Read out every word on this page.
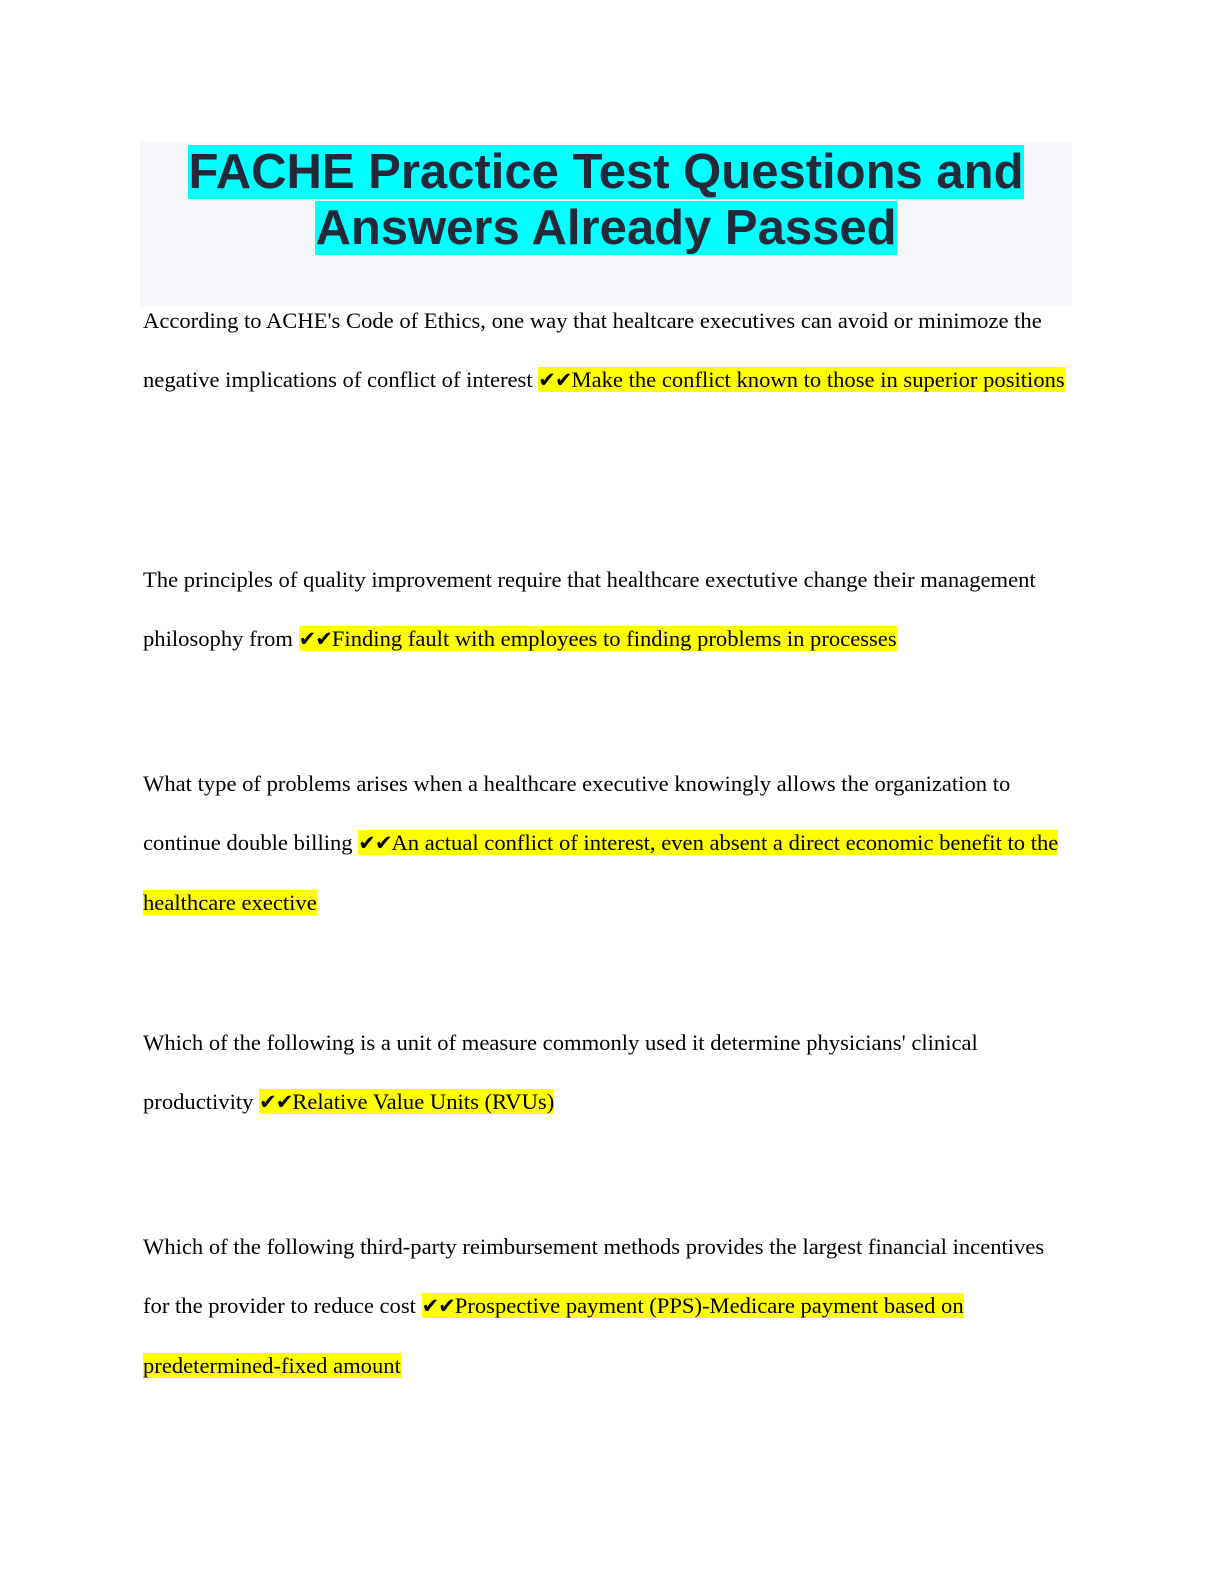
FACHE Practice Test Questions and

Answers Already Passed

According to ACHE's Code of Ethics, one way that healtcare executives can avoid or minimoze the negative implications of conflict of interest ✔✔Make the conflict known to those in superior positions

The principles of quality improvement require that healthcare exectutive change their management philosophy from ✔✔Finding fault with employees to finding problems in processes

What type of problems arises when a healthcare executive knowingly allows the organization to continue double billing ✔✔An actual conflict of interest, even absent a direct economic benefit to the healthcare exective

Which of the following is a unit of measure commonly used it determine physicians' clinical productivity ✔✔Relative Value Units (RVUs)

Which of the following third-party reimbursement methods provides the largest financial incentives for the provider to reduce cost ✔✔Prospective payment (PPS)-Medicare payment based on predetermined-fixed amount
